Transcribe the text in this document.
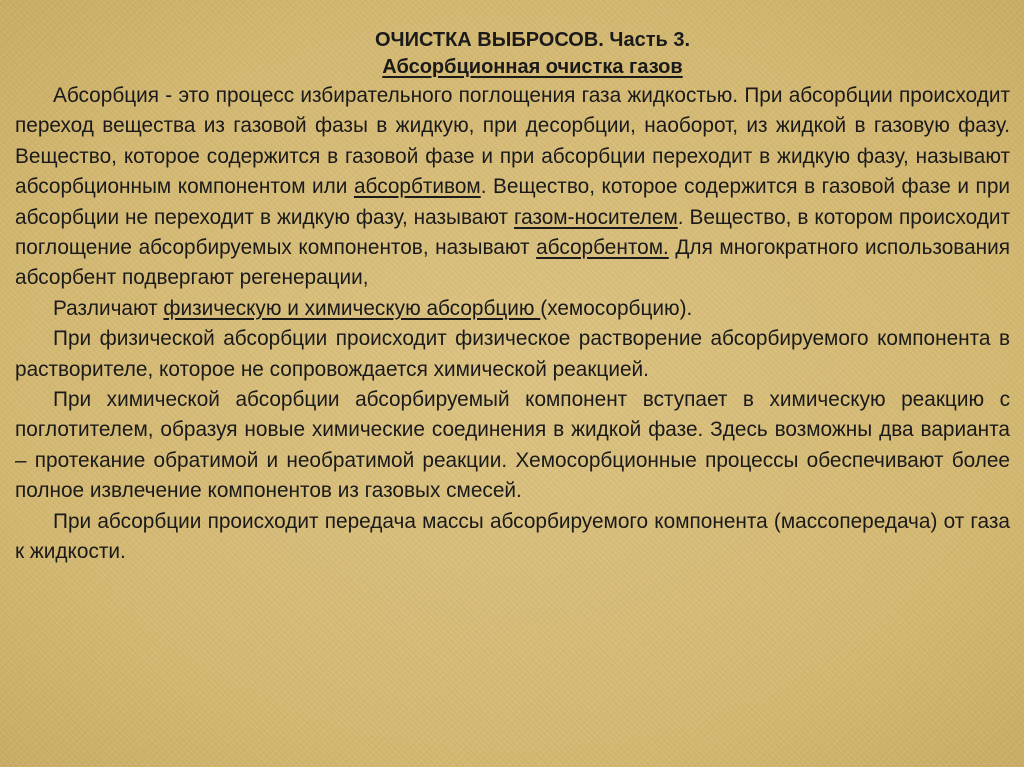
ОЧИСТКА ВЫБРОСОВ. Часть 3.

Абсорбционная очистка газов

Абсорбция - это процесс избирательного поглощения газа жидкостью. При абсорбции происходит переход вещества из газовой фазы в жидкую, при десорбции, наоборот, из жидкой в газовую фазу. Вещество, которое содержится в газовой фазе и при абсорбции переходит в жидкую фазу, называют абсорбционным компонентом или абсорбтивом. Вещество, которое содержится в газовой фазе и при абсорбции не переходит в жидкую фазу, называют газом-носителем. Вещество, в котором происходит поглощение абсорбируемых компонентов, называют абсорбентом. Для многократного использования абсорбент подвергают регенерации,

Различают физическую и химическую абсорбцию (хемосорбцию).

При физической абсорбции происходит физическое растворение абсорбируемого компонента в растворителе, которое не сопровождается химической реакцией.

При химической абсорбции абсорбируемый компонент вступает в химическую реакцию с поглотителем, образуя новые химические соединения в жидкой фазе. Здесь возможны два варианта – протекание обратимой и необратимой реакции. Хемосорбционные процессы обеспечивают более полное извлечение компонентов из газовых смесей.

При абсорбции происходит передача массы абсорбируемого компонента (массопередача) от газа к жидкости.
